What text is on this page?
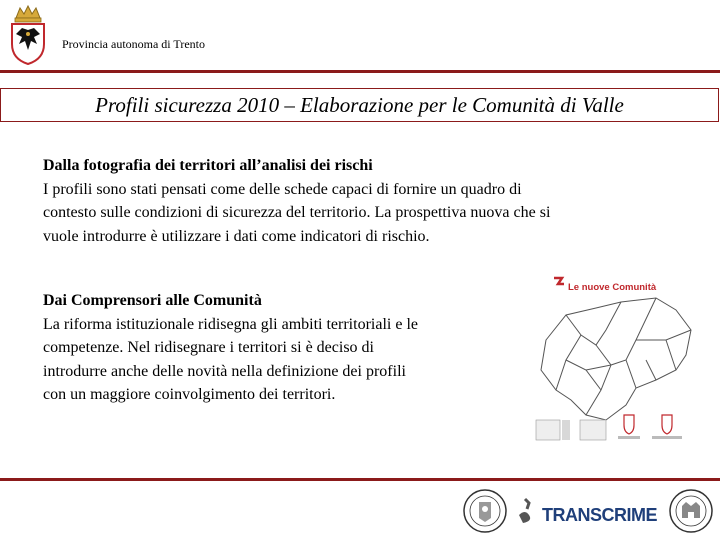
Provincia autonoma di Trento
Profili sicurezza 2010 – Elaborazione per le Comunità di Valle
Dalla fotografia dei territori all’analisi dei rischi
I profili sono stati pensati come delle schede capaci di fornire un quadro di
contesto sulle condizioni di sicurezza del territorio. La prospettiva nuova che si
vuole introdurre è utilizzare i dati come indicatori di rischio.
Dai Comprensori alle Comunità
La riforma istituzionale ridisegna gli ambiti territoriali e le
competenze. Nel ridisegnare i territori si è deciso di
introdurre anche delle novità nella definizione dei profili
con un maggiore coinvolgimento dei territori.
Le nuove Comunità
TRANSCRIME
